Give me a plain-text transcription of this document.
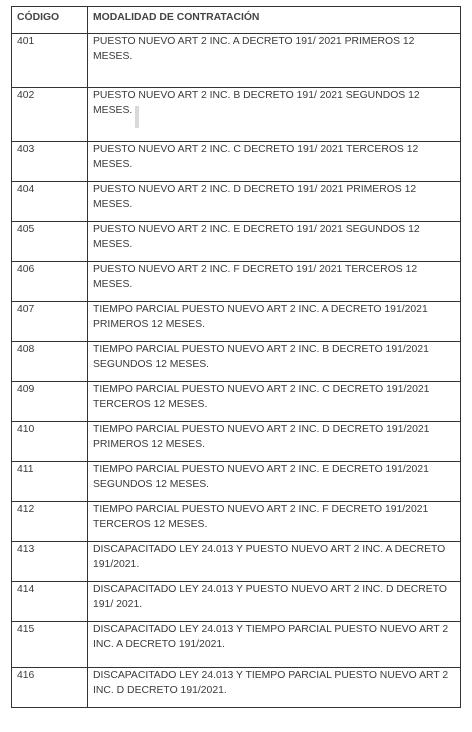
CÓDIGO	MODALIDAD DE CONTRATACIÓN
401	PUESTO NUEVO ART 2 INC. A DECRETO 191/ 2021 PRIMEROS 12 MESES.
402	PUESTO NUEVO ART 2 INC. B DECRETO 191/ 2021 SEGUNDOS 12 MESES.
403	PUESTO NUEVO ART 2 INC. C DECRETO 191/ 2021 TERCEROS 12 MESES.
404	PUESTO NUEVO ART 2 INC. D DECRETO 191/ 2021 PRIMEROS 12 MESES.
405	PUESTO NUEVO ART 2 INC. E DECRETO 191/ 2021 SEGUNDOS 12 MESES.
406	PUESTO NUEVO ART 2 INC. F DECRETO 191/ 2021 TERCEROS 12 MESES.
407	TIEMPO PARCIAL PUESTO NUEVO ART 2 INC. A DECRETO 191/2021 PRIMEROS 12 MESES.
408	TIEMPO PARCIAL PUESTO NUEVO ART 2 INC. B DECRETO 191/2021 SEGUNDOS 12 MESES.
409	TIEMPO PARCIAL PUESTO NUEVO ART 2 INC. C DECRETO 191/2021 TERCEROS 12 MESES.
410	TIEMPO PARCIAL PUESTO NUEVO ART 2 INC. D DECRETO 191/2021 PRIMEROS 12 MESES.
411	TIEMPO PARCIAL PUESTO NUEVO ART 2 INC. E DECRETO 191/2021 SEGUNDOS 12 MESES.
412	TIEMPO PARCIAL PUESTO NUEVO ART 2 INC. F DECRETO 191/2021 TERCEROS 12 MESES.
413	DISCAPACITADO LEY 24.013 Y PUESTO NUEVO ART 2 INC. A DECRETO 191/2021.
414	DISCAPACITADO LEY 24.013 Y PUESTO NUEVO ART 2 INC. D DECRETO 191/ 2021.
415	DISCAPACITADO LEY 24.013 Y TIEMPO PARCIAL PUESTO NUEVO ART 2 INC. A DECRETO 191/2021.
416	DISCAPACITADO LEY 24.013 Y TIEMPO PARCIAL PUESTO NUEVO ART 2 INC. D DECRETO 191/2021.
